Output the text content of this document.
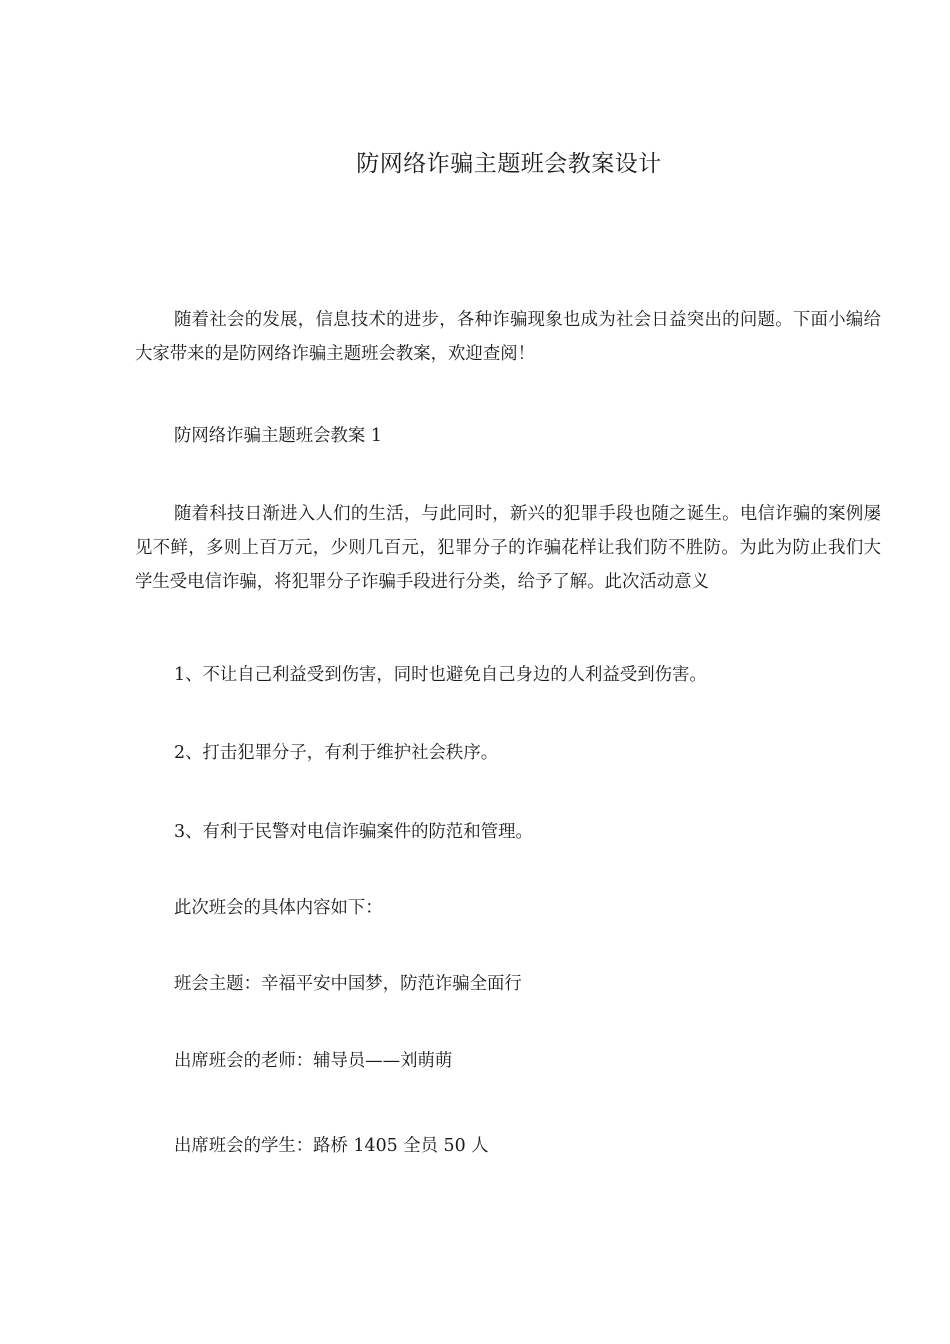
防网络诈骗主题班会教案设计
随着社会的发展，信息技术的进步，各种诈骗现象也成为社会日益突出的问题。下面小编给大家带来的是防网络诈骗主题班会教案，欢迎查阅！
防网络诈骗主题班会教案 1
随着科技日渐进入人们的生活，与此同时，新兴的犯罪手段也随之诞生。电信诈骗的案例屡见不鲜，多则上百万元，少则几百元，犯罪分子的诈骗花样让我们防不胜防。为此为防止我们大学生受电信诈骗，将犯罪分子诈骗手段进行分类，给予了解。此次活动意义
1、不让自己利益受到伤害，同时也避免自己身边的人利益受到伤害。
2、打击犯罪分子，有利于维护社会秩序。
3、有利于民警对电信诈骗案件的防范和管理。
此次班会的具体内容如下：
班会主题：辛福平安中国梦，防范诈骗全面行
出席班会的老师：辅导员——刘萌萌
出席班会的学生：路桥 1405 全员 50 人
